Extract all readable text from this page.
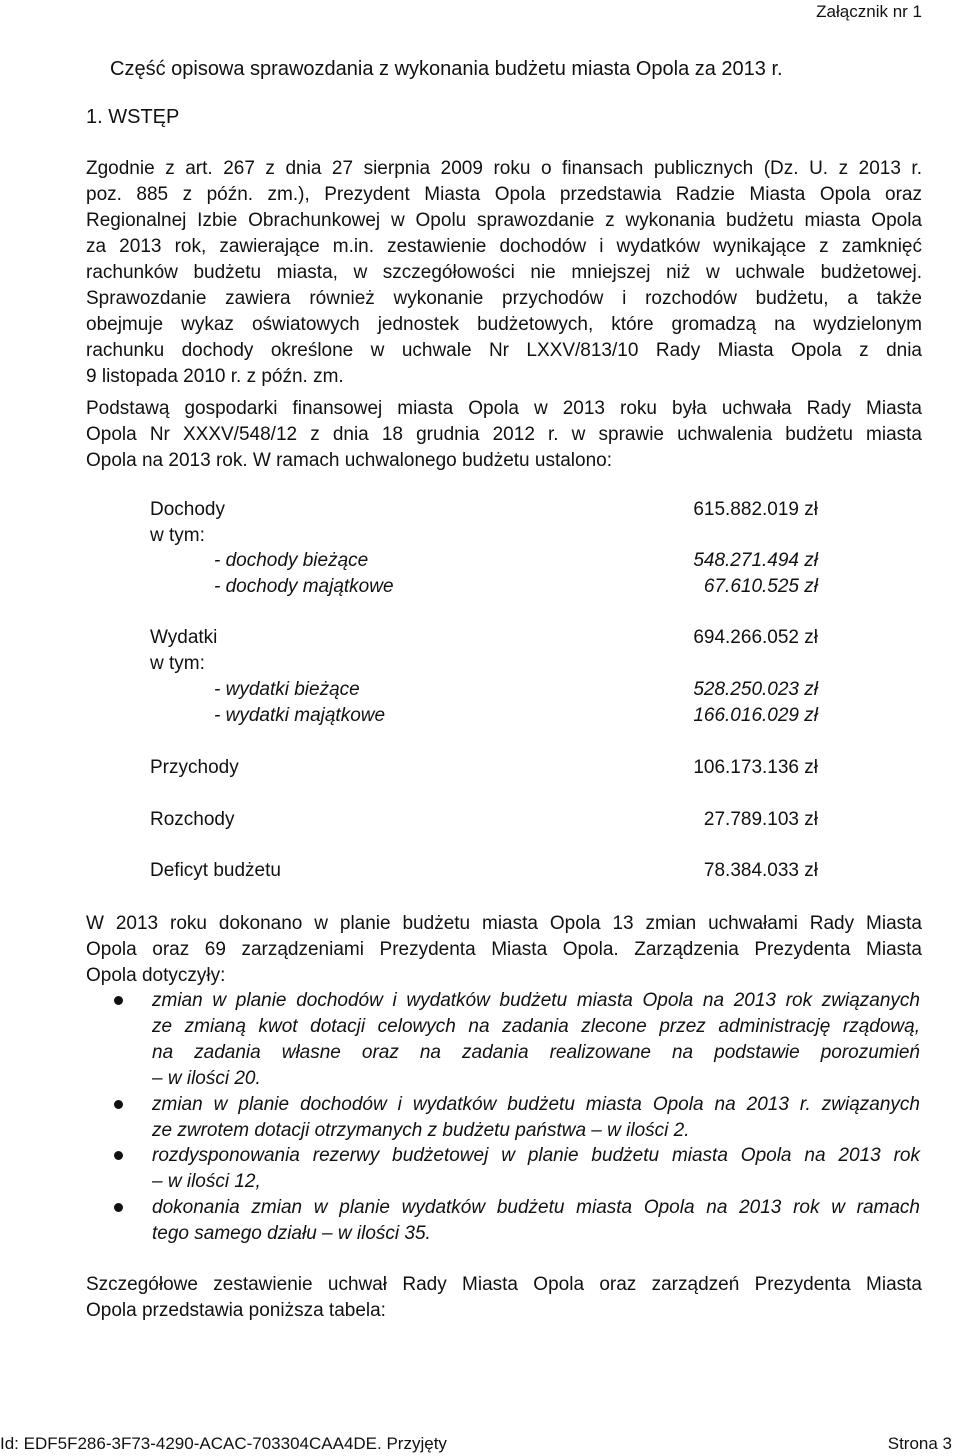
Załącznik nr 1
Część opisowa sprawozdania z wykonania budżetu miasta Opola za 2013 r.
1. WSTĘP
Zgodnie z art. 267 z dnia 27 sierpnia 2009 roku o finansach publicznych (Dz. U. z 2013 r.
poz. 885 z późn. zm.), Prezydent Miasta Opola przedstawia Radzie Miasta Opola oraz
Regionalnej Izbie Obrachunkowej w Opolu sprawozdanie z wykonania budżetu miasta Opola
za 2013 rok, zawierające m.in. zestawienie dochodów i wydatków wynikające z zamknięć
rachunków budżetu miasta, w szczegółowości nie mniejszej niż w uchwale budżetowej.
Sprawozdanie zawiera również wykonanie przychodów i rozchodów budżetu, a także
obejmuje wykaz oświatowych jednostek budżetowych, które gromadzą na wydzielonym
rachunku dochody określone w uchwale Nr LXXV/813/10 Rady Miasta Opola z dnia
9 listopada 2010 r. z późn. zm.
Podstawą gospodarki finansowej miasta Opola w 2013 roku była uchwała Rady Miasta
Opola Nr XXXV/548/12 z dnia 18 grudnia 2012 r. w sprawie uchwalenia budżetu miasta
Opola na 2013 rok. W ramach uchwalonego budżetu ustalono:
Dochody	615.882.019 zł
w tym:
- dochody bieżące	548.271.494 zł
- dochody majątkowe	67.610.525 zł
Wydatki	694.266.052 zł
w tym:
- wydatki bieżące	528.250.023 zł
- wydatki majątkowe	166.016.029 zł
Przychody	106.173.136 zł
Rozchody	27.789.103 zł
Deficyt budżetu	78.384.033 zł
W 2013 roku dokonano w planie budżetu miasta Opola 13 zmian uchwałami Rady Miasta
Opola oraz 69 zarządzeniami Prezydenta Miasta Opola. Zarządzenia Prezydenta Miasta
Opola dotyczyły:
zmian w planie dochodów i wydatków budżetu miasta Opola na 2013 rok związanych
ze zmianą kwot dotacji celowych na zadania zlecone przez administrację rządową,
na zadania własne oraz na zadania realizowane na podstawie porozumień
– w ilości 20.
zmian w planie dochodów i wydatków budżetu miasta Opola na 2013 r. związanych
ze zwrotem dotacji otrzymanych z budżetu państwa – w ilości 2.
rozdysponowania rezerwy budżetowej w planie budżetu miasta Opola na 2013 rok
– w ilości 12,
dokonania zmian w planie wydatków budżetu miasta Opola na 2013 rok w ramach
tego samego działu – w ilości 35.
Szczegółowe zestawienie uchwał Rady Miasta Opola oraz zarządzeń Prezydenta Miasta
Opola przedstawia poniższa tabela:
Id: EDF5F286-3F73-4290-ACAC-703304CAA4DE. Przyjęty	Strona 3
